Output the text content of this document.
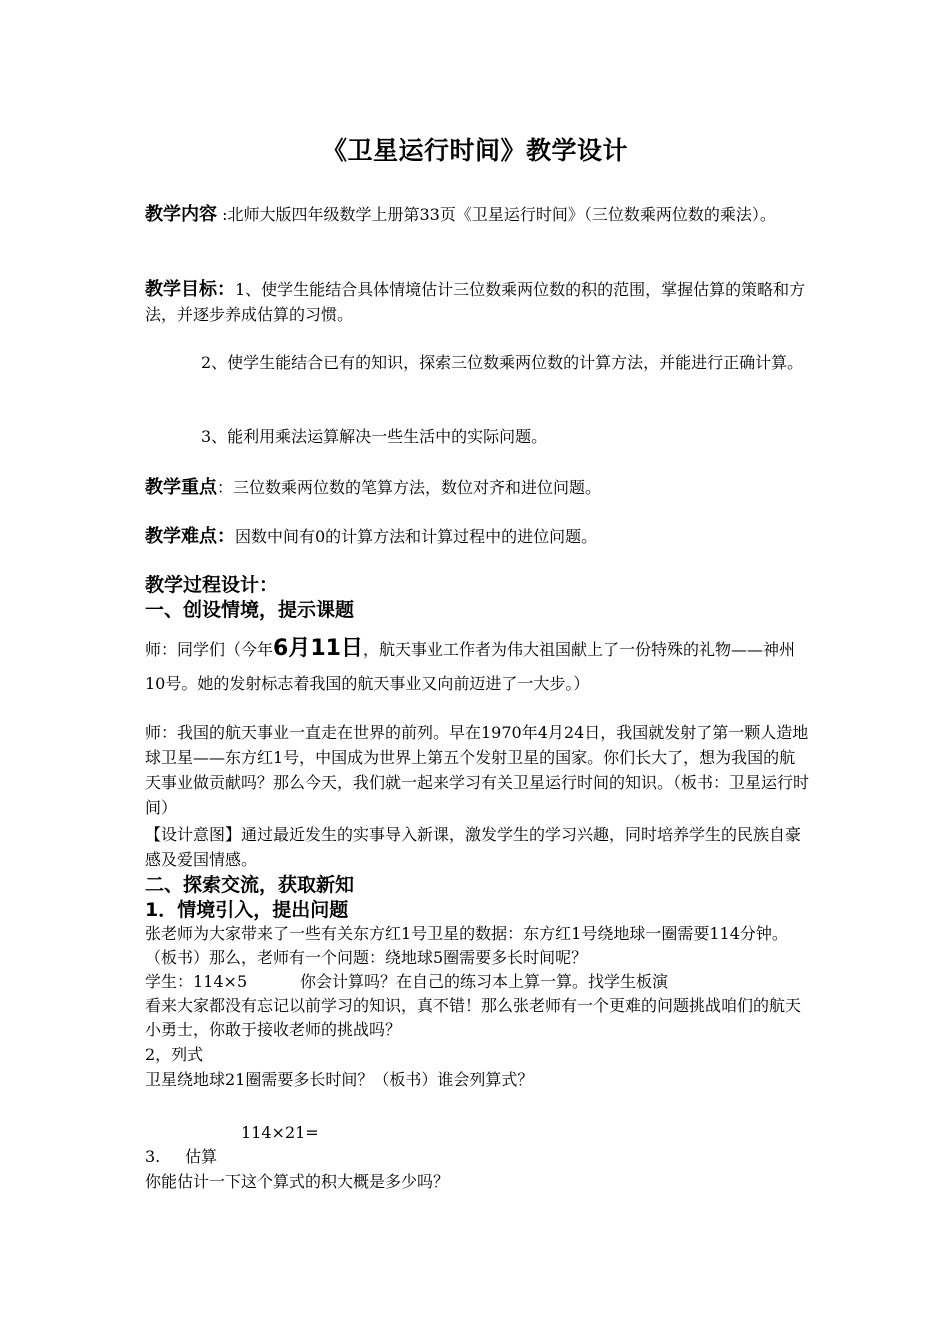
《卫星运行时间》教学设计
教学内容 :北师大版四年级数学上册第33页《卫星运行时间》（三位数乘两位数的乘法）。
教学目标：1、使学生能结合具体情境估计三位数乘两位数的积的范围，掌握估算的策略和方法，并逐步养成估算的习惯。
2、使学生能结合已有的知识，探索三位数乘两位数的计算方法，并能进行正确计算。
3、能利用乘法运算解决一些生活中的实际问题。
教学重点：三位数乘两位数的笔算方法，数位对齐和进位问题。
教学难点：因数中间有0的计算方法和计算过程中的进位问题。
教学过程设计：
一、创设情境，提示课题
师：同学们（今年6月11日，航天事业工作者为伟大祖国献上了一份特殊的礼物——神州10号。她的发射标志着我国的航天事业又向前迈进了一大步。）
师：我国的航天事业一直走在世界的前列。早在1970年4月24日，我国就发射了第一颗人造地球卫星——东方红1号，中国成为世界上第五个发射卫星的国家。你们长大了，想为我国的航天事业做贡献吗？那么今天，我们就一起来学习有关卫星运行时间的知识。（板书：卫星运行时间）
【设计意图】通过最近发生的实事导入新课，激发学生的学习兴趣，同时培养学生的民族自豪感及爱国情感。
二、探索交流，获取新知
1．情境引入，提出问题
张老师为大家带来了一些有关东方红1号卫星的数据：东方红1号绕地球一圈需要114分钟。（板书）那么，老师有一个问题：绕地球5圈需要多长时间呢？
学生：114×5	你会计算吗？在自己的练习本上算一算。找学生板演
看来大家都没有忘记以前学习的知识，真不错！那么张老师有一个更难的问题挑战咱们的航天小勇士，你敢于接收老师的挑战吗？
2，列式
卫星绕地球21圈需要多长时间？（板书）谁会列算式？
114×21=
3. 估算
你能估计一下这个算式的积大概是多少吗？
